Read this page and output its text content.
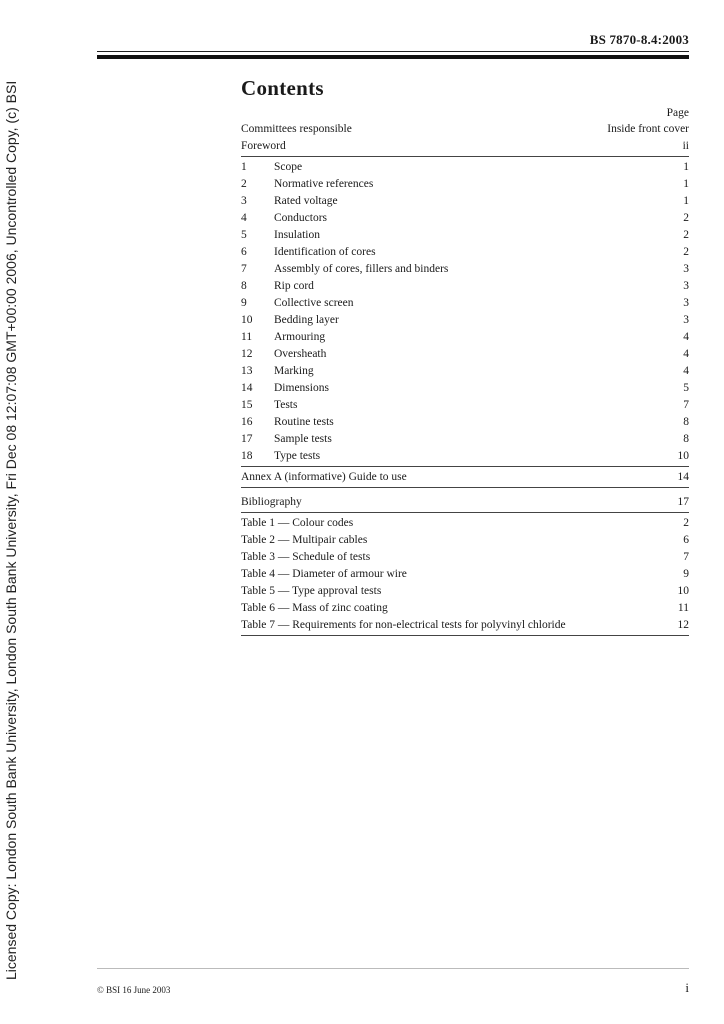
Licensed Copy: London South Bank University, London South Bank University, Fri Dec 08 12:07:08 GMT+00:00 2006, Uncontrolled Copy, (c) BSI
BS 7870-8.4:2003
Contents
Page
Committees responsible	Inside front cover
Foreword	ii
1	Scope	1
2	Normative references	1
3	Rated voltage	1
4	Conductors	2
5	Insulation	2
6	Identification of cores	2
7	Assembly of cores, fillers and binders	3
8	Rip cord	3
9	Collective screen	3
10	Bedding layer	3
11	Armouring	4
12	Oversheath	4
13	Marking	4
14	Dimensions	5
15	Tests	7
16	Routine tests	8
17	Sample tests	8
18	Type tests	10
Annex A (informative) Guide to use	14
Bibliography	17
Table 1 — Colour codes	2
Table 2 — Multipair cables	6
Table 3 — Schedule of tests	7
Table 4 — Diameter of armour wire	9
Table 5 — Type approval tests	10
Table 6 — Mass of zinc coating	11
Table 7 — Requirements for non-electrical tests for polyvinyl chloride	12
© BSI 16 June 2003	i
